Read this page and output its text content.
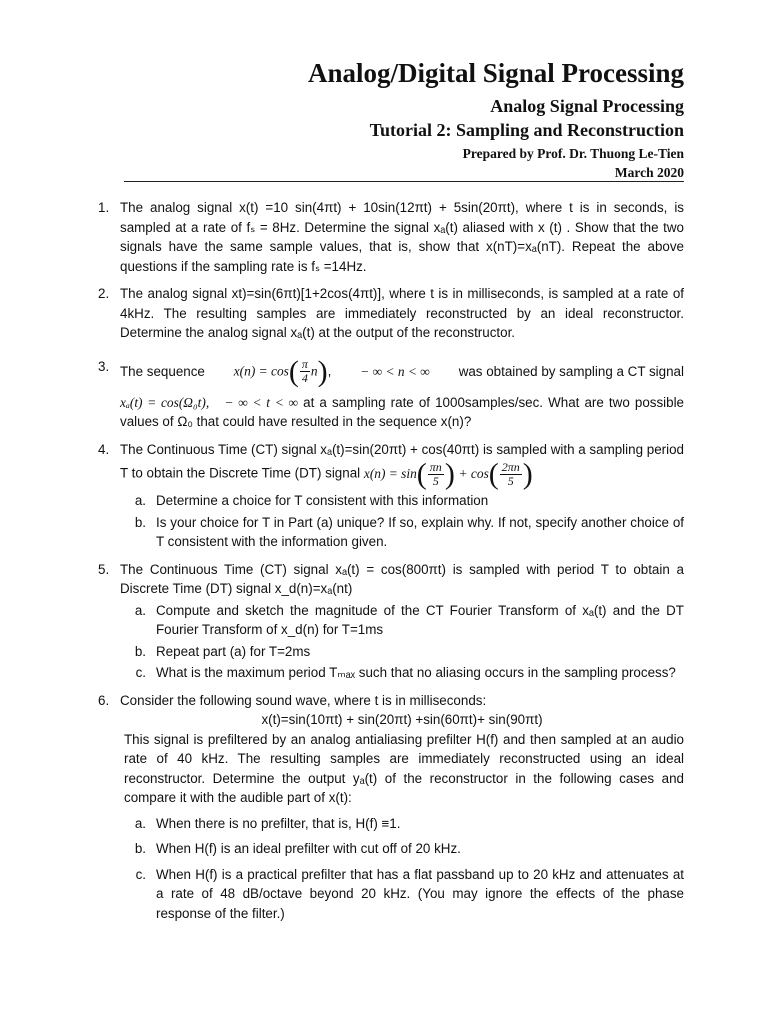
Analog/Digital Signal Processing
Analog Signal Processing
Tutorial 2: Sampling and Reconstruction
Prepared by Prof. Dr. Thuong Le-Tien
March 2020
1. The analog signal x(t) =10 sin(4πt) + 10sin(12πt) + 5sin(20πt), where t is in seconds, is sampled at a rate of fₛ = 8Hz. Determine the signal xₐ(t) aliased with x (t) . Show that the two signals have the same sample values, that is, show that x(nT)=xₐ(nT). Repeat the above questions if the sampling rate is fₛ =14Hz.
2. The analog signal xt)=sin(6πt)[1+2cos(4πt)], where t is in milliseconds, is sampled at a rate of 4kHz. The resulting samples are immediately reconstructed by an ideal reconstructor. Determine the analog signal xₐ(t) at the output of the reconstructor.
3. The sequence $x(n) = \cos( \frac{\pi}{4} n)$, − ∞ < n < ∞ was obtained by sampling a CT signal
xₐ(t) = cos(Ω₀t), − ∞ < t < ∞ at a sampling rate of 1000samples/sec. What are two possible values of Ω₀ that could have resulted in the sequence x(n)?
4. The Continuous Time (CT) signal xₐ(t)=sin(20πt) + cos(40πt) is sampled with a sampling period T to obtain the Discrete Time (DT) signal $x(n) = \sin( \frac{\pi n}{5}$ ) + $\cos( \frac{2\pi n}{5}$ )
a. Determine a choice for T consistent with this information
b. Is your choice for T in Part (a) unique? If so, explain why. If not, specify another choice of T consistent with the information given.
5. The Continuous Time (CT) signal xₐ(t) = cos(800πt) is sampled with period T to obtain a Discrete Time (DT) signal x_d(n)=xₐ(nt)
a. Compute and sketch the magnitude of the CT Fourier Transform of xₐ(t) and the DT Fourier Transform of x_d(n) for T=1ms
b. Repeat part (a) for T=2ms
c. What is the maximum period Tₘₐₓ such that no aliasing occurs in the sampling process?
6. Consider the following sound wave, where t is in milliseconds:
x(t)=sin(10πt) + sin(20πt) +sin(60πt)+ sin(90πt)
This signal is prefiltered by an analog antialiasing prefilter H(f) and then sampled at an audio rate of 40 kHz. The resulting samples are immediately reconstructed using an ideal reconstructor. Determine the output yₐ(t) of the reconstructor in the following cases and compare it with the audible part of x(t):
a. When there is no prefilter, that is, H(f) ≡1.
b. When H(f) is an ideal prefilter with cut off of 20 kHz.
c. When H(f) is a practical prefilter that has a flat passband up to 20 kHz and attenuates at a rate of 48 dB/octave beyond 20 kHz. (You may ignore the effects of the phase response of the filter.)
